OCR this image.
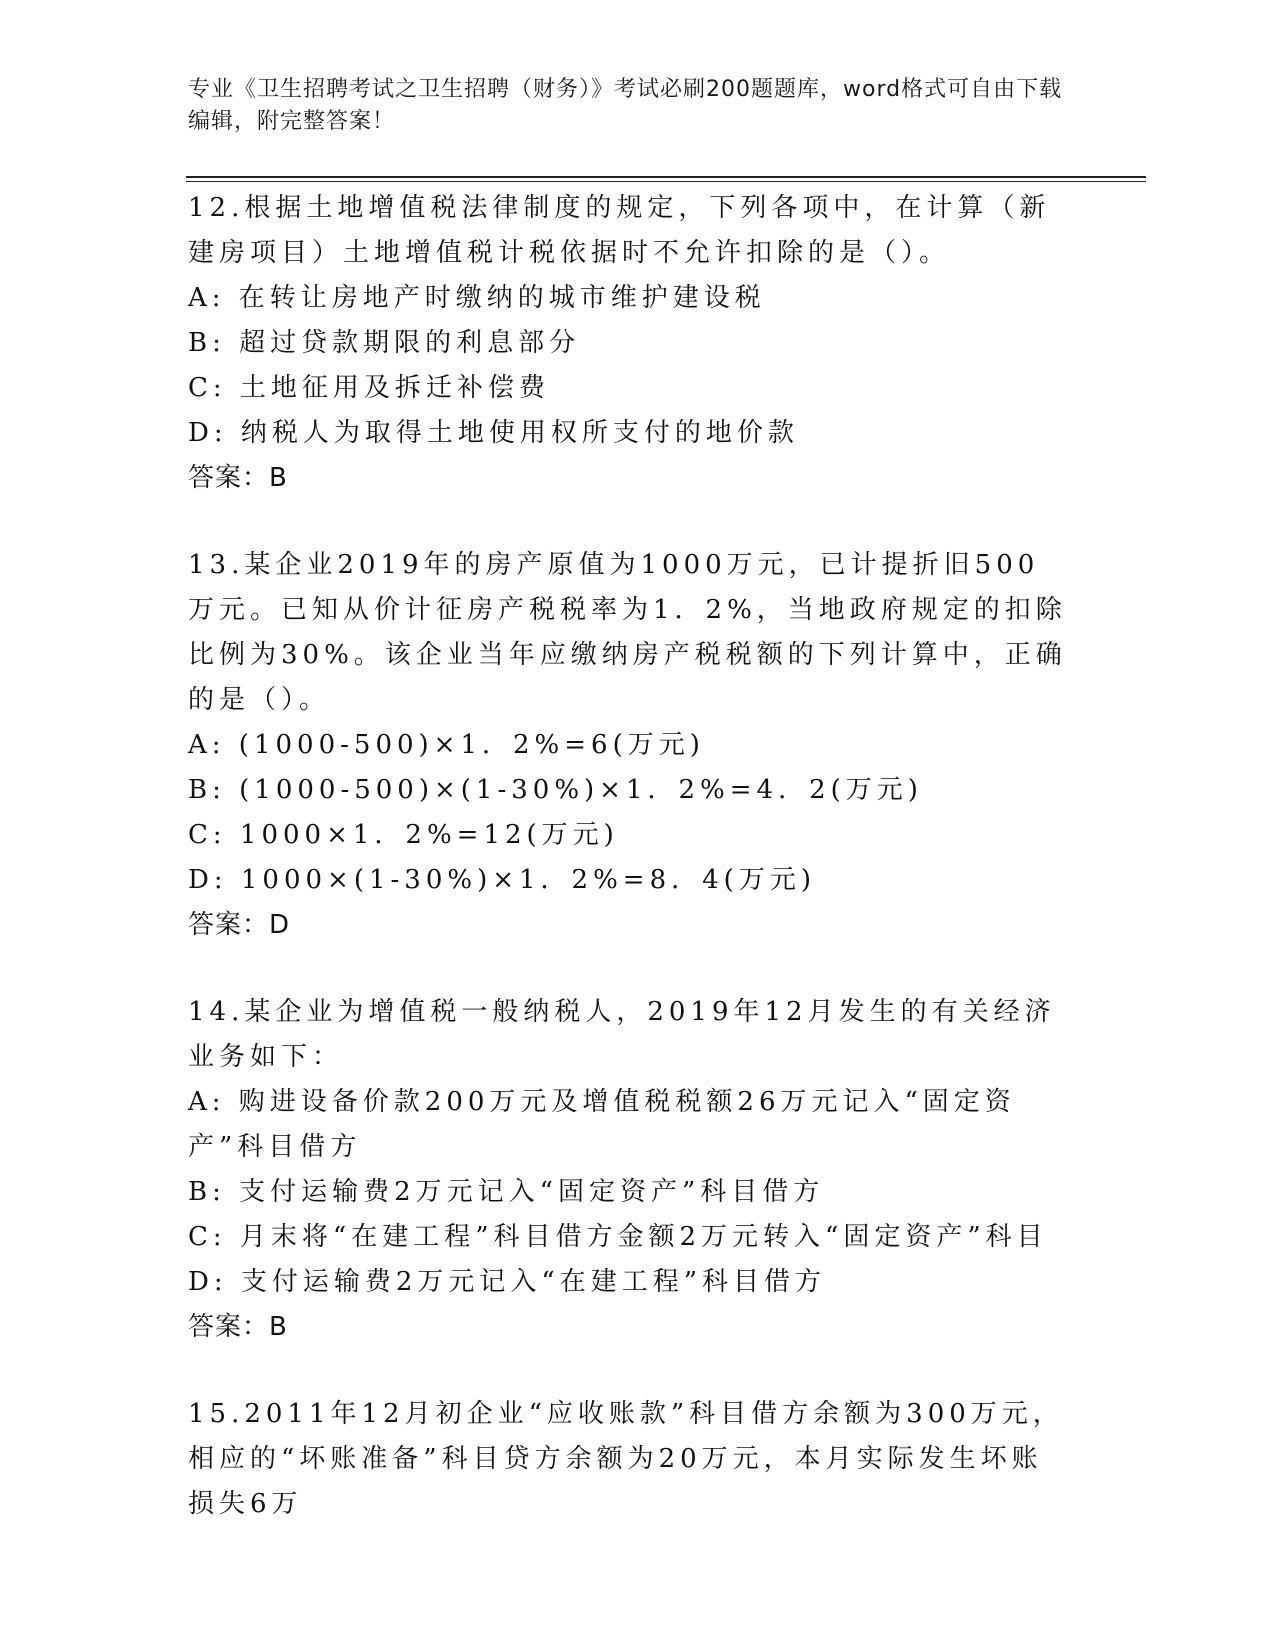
专业《卫生招聘考试之卫生招聘（财务）》考试必刷200题题库，word格式可自由下载编辑，附完整答案！
12.根据土地增值税法律制度的规定，下列各项中，在计算（新建房项目）土地增值税计税依据时不允许扣除的是（）。
A: 在转让房地产时缴纳的城市维护建设税
B: 超过贷款期限的利息部分
C: 土地征用及拆迁补偿费
D: 纳税人为取得土地使用权所支付的地价款
答案：B
13.某企业2019年的房产原值为1000万元，已计提折旧500万元。已知从价计征房产税税率为1．2%，当地政府规定的扣除比例为30%。该企业当年应缴纳房产税税额的下列计算中，正确的是（）。
A: (1000-500)×1．2%=6(万元)
B: (1000-500)×(1-30%)×1．2%=4．2(万元)
C: 1000×1．2%=12(万元)
D: 1000×(1-30%)×1．2%=8．4(万元)
答案：D
14.某企业为增值税一般纳税人，2019年12月发生的有关经济业务如下：
A: 购进设备价款200万元及增值税税额26万元记入“固定资产”科目借方
B: 支付运输费2万元记入“固定资产”科目借方
C: 月末将“在建工程”科目借方金额2万元转入“固定资产”科目
D: 支付运输费2万元记入“在建工程”科目借方
答案：B
15.2011年12月初企业“应收账款”科目借方余额为300万元，相应的“坏账准备”科目贷方余额为20万元，本月实际发生坏账损失6万
